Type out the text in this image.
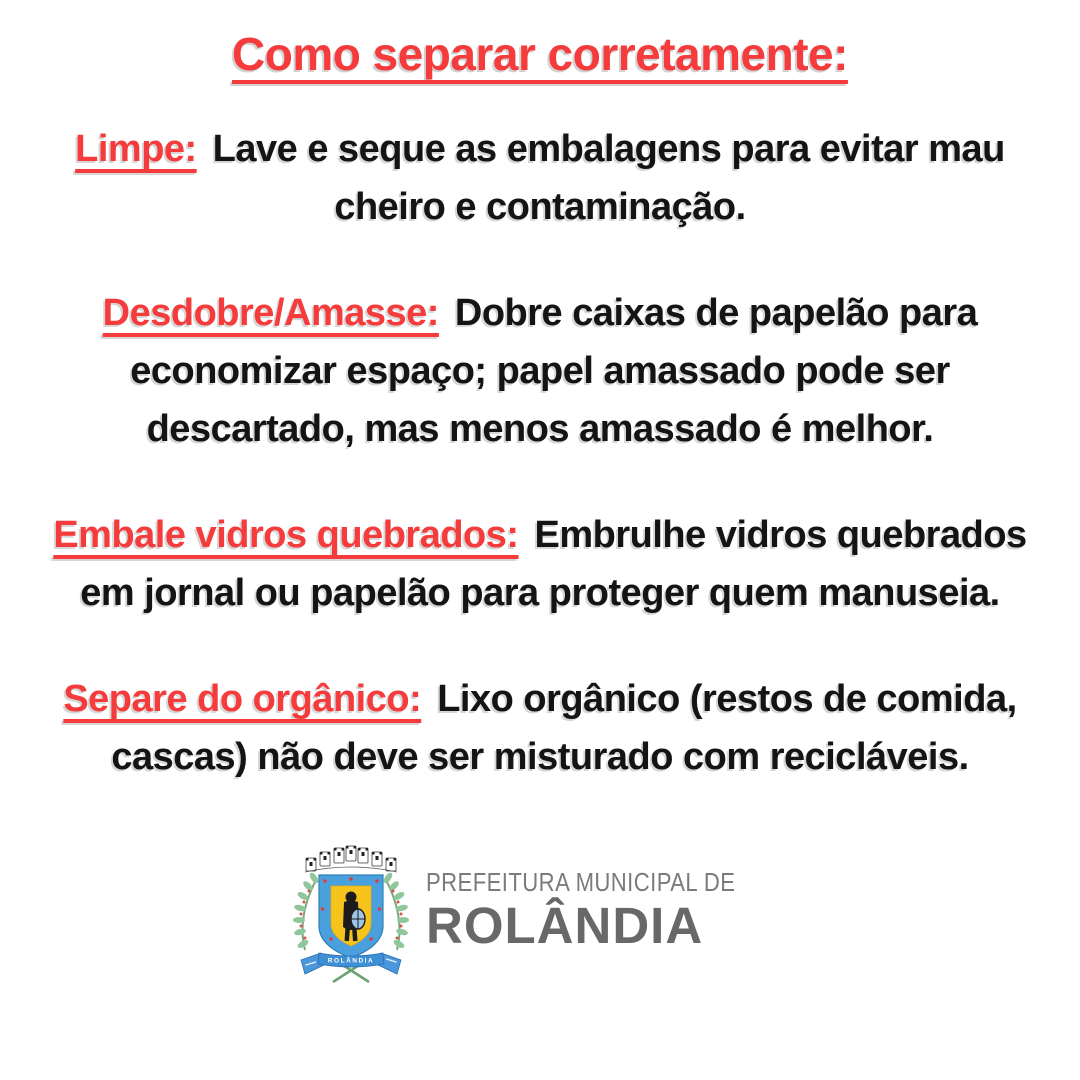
Como separar corretamente:

Limpe: Lave e seque as embalagens para evitar mau cheiro e contaminação.

Desdobre/Amasse: Dobre caixas de papelão para economizar espaço; papel amassado pode ser descartado, mas menos amassado é melhor.

Embale vidros quebrados: Embrulhe vidros quebrados em jornal ou papelão para proteger quem manuseia.

Separe do orgânico: Lixo orgânico (restos de comida, cascas) não deve ser misturado com recicláveis.

ROLÂNDIA
PREFEITURA MUNICIPAL DE
ROLÂNDIA
